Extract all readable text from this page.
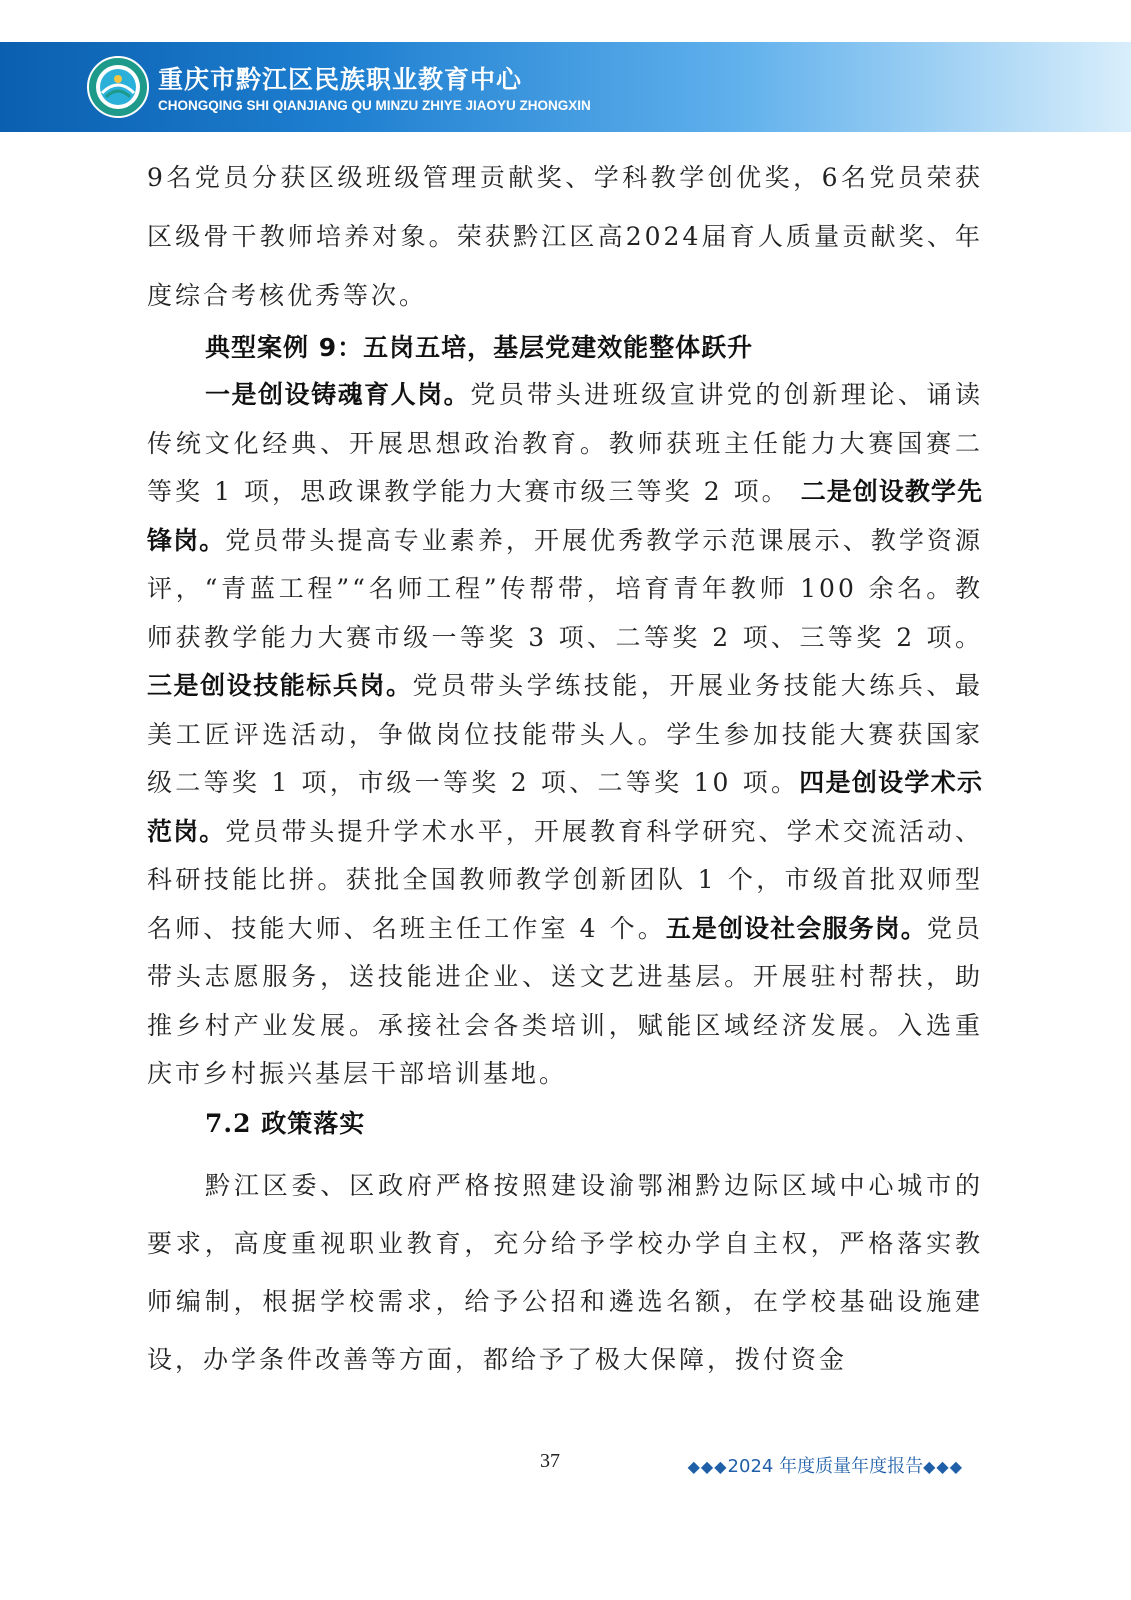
重庆市黔江区民族职业教育中心
CHONGQING SHI QIANJIANG QU MINZU ZHIYE JIAOYU ZHONGXIN

9名党员分获区级班级管理贡献奖、学科教学创优奖，6名党员荣获区级骨干教师培养对象。荣获黔江区高2024届育人质量贡献奖、年度综合考核优秀等次。

典型案例 9：五岗五培，基层党建效能整体跃升

一是创设铸魂育人岗。党员带头进班级宣讲党的创新理论、诵读传统文化经典、开展思想政治教育。教师获班主任能力大赛国赛二等奖 1 项，思政课教学能力大赛市级三等奖 2 项。 二是创设教学先锋岗。党员带头提高专业素养，开展优秀教学示范课展示、教学资源评，“青蓝工程”“名师工程”传帮带，培育青年教师 100 余名。教师获教学能力大赛市级一等奖 3 项、二等奖 2 项、三等奖 2 项。三是创设技能标兵岗。党员带头学练技能，开展业务技能大练兵、最美工匠评选活动，争做岗位技能带头人。学生参加技能大赛获国家级二等奖 1 项，市级一等奖 2 项、二等奖 10 项。四是创设学术示范岗。党员带头提升学术水平，开展教育科学研究、学术交流活动、科研技能比拼。获批全国教师教学创新团队 1 个，市级首批双师型名师、技能大师、名班主任工作室 4 个。五是创设社会服务岗。党员带头志愿服务，送技能进企业、送文艺进基层。开展驻村帮扶，助推乡村产业发展。承接社会各类培训，赋能区域经济发展。入选重庆市乡村振兴基层干部培训基地。

7.2 政策落实

黔江区委、区政府严格按照建设渝鄂湘黔边际区域中心城市的要求，高度重视职业教育，充分给予学校办学自主权，严格落实教师编制，根据学校需求，给予公招和遴选名额，在学校基础设施建设，办学条件改善等方面，都给予了极大保障，拨付资金

37	◆◆◆2024 年度质量年度报告◆◆◆
